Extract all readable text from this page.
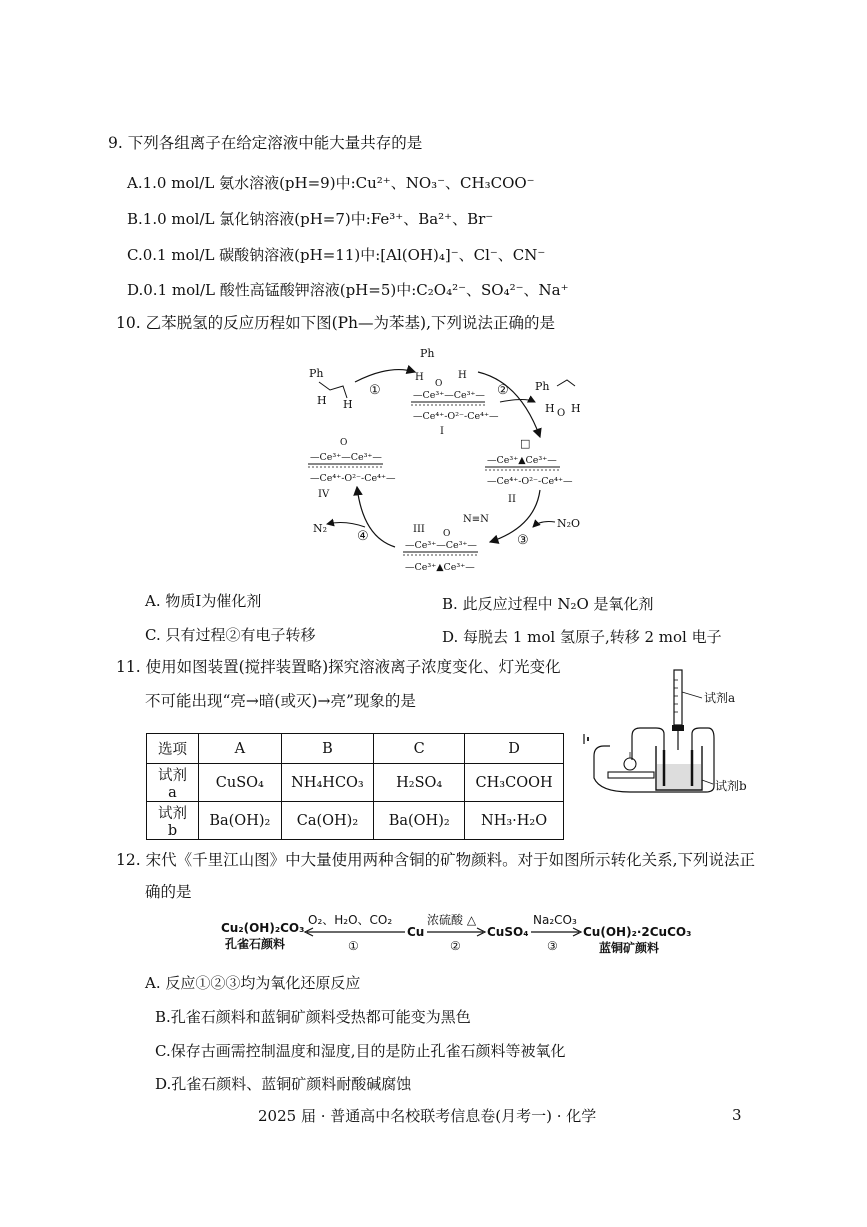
9. 下列各组离子在给定溶液中能大量共存的是
A.1.0 mol/L 氨水溶液(pH=9)中:Cu²⁺、NO₃⁻、CH₃COO⁻
B.1.0 mol/L 氯化钠溶液(pH=7)中:Fe³⁺、Ba²⁺、Br⁻
C.0.1 mol/L 碳酸钠溶液(pH=11)中:[Al(OH)₄]⁻、Cl⁻、CN⁻
D.0.1 mol/L 酸性高锰酸钾溶液(pH=5)中:C₂O₄²⁻、SO₄²⁻、Na⁺
10. 乙苯脱氢的反应历程如下图(Ph—为苯基),下列说法正确的是
Ph
H H
Ph
H	H
O
—Ce³⁺—Ce³⁺—
—Ce⁴⁺-O²⁻-Ce⁴⁺—
I
Ph
H O H
□
—Ce³⁺▲Ce³⁺—
—Ce⁴⁺-O²⁻-Ce⁴⁺—
II
O
—Ce³⁺—Ce³⁺—
—Ce⁴⁺-O²⁻-Ce⁴⁺—
IV
III
N≡N
O
—Ce³⁺—Ce³⁺—
—Ce³⁺▲Ce³⁺—
N₂	N₂O
①	②
③
④
A. 物质Ⅰ为催化剂	B. 此反应过程中 N₂O 是氧化剂
C. 只有过程②有电子转移	D. 每脱去 1 mol 氢原子,转移 2 mol 电子
11. 使用如图装置(搅拌装置略)探究溶液离子浓度变化、灯光变化
不可能出现“亮→暗(或灭)→亮”现象的是
选项	A	B	C	D
试剂 a	CuSO₄	NH₄HCO₃	H₂SO₄	CH₃COOH
试剂 b	Ba(OH)₂	Ca(OH)₂	Ba(OH)₂	NH₃·H₂O
试剂a
试剂b
12. 宋代《千里江山图》中大量使用两种含铜的矿物颜料。对于如图所示转化关系,下列说法正
确的是
Cu₂(OH)₂CO₃
孔雀石颜料
O₂、H₂O、CO₂
①
Cu
浓硫酸 △
②
CuSO₄
Na₂CO₃
③
Cu(OH)₂·2CuCO₃
蓝铜矿颜料
A. 反应①②③均为氧化还原反应
B.孔雀石颜料和蓝铜矿颜料受热都可能变为黑色
C.保存古画需控制温度和湿度,目的是防止孔雀石颜料等被氧化
D.孔雀石颜料、蓝铜矿颜料耐酸碱腐蚀
2025 届 · 普通高中名校联考信息卷(月考一) · 化学	3
